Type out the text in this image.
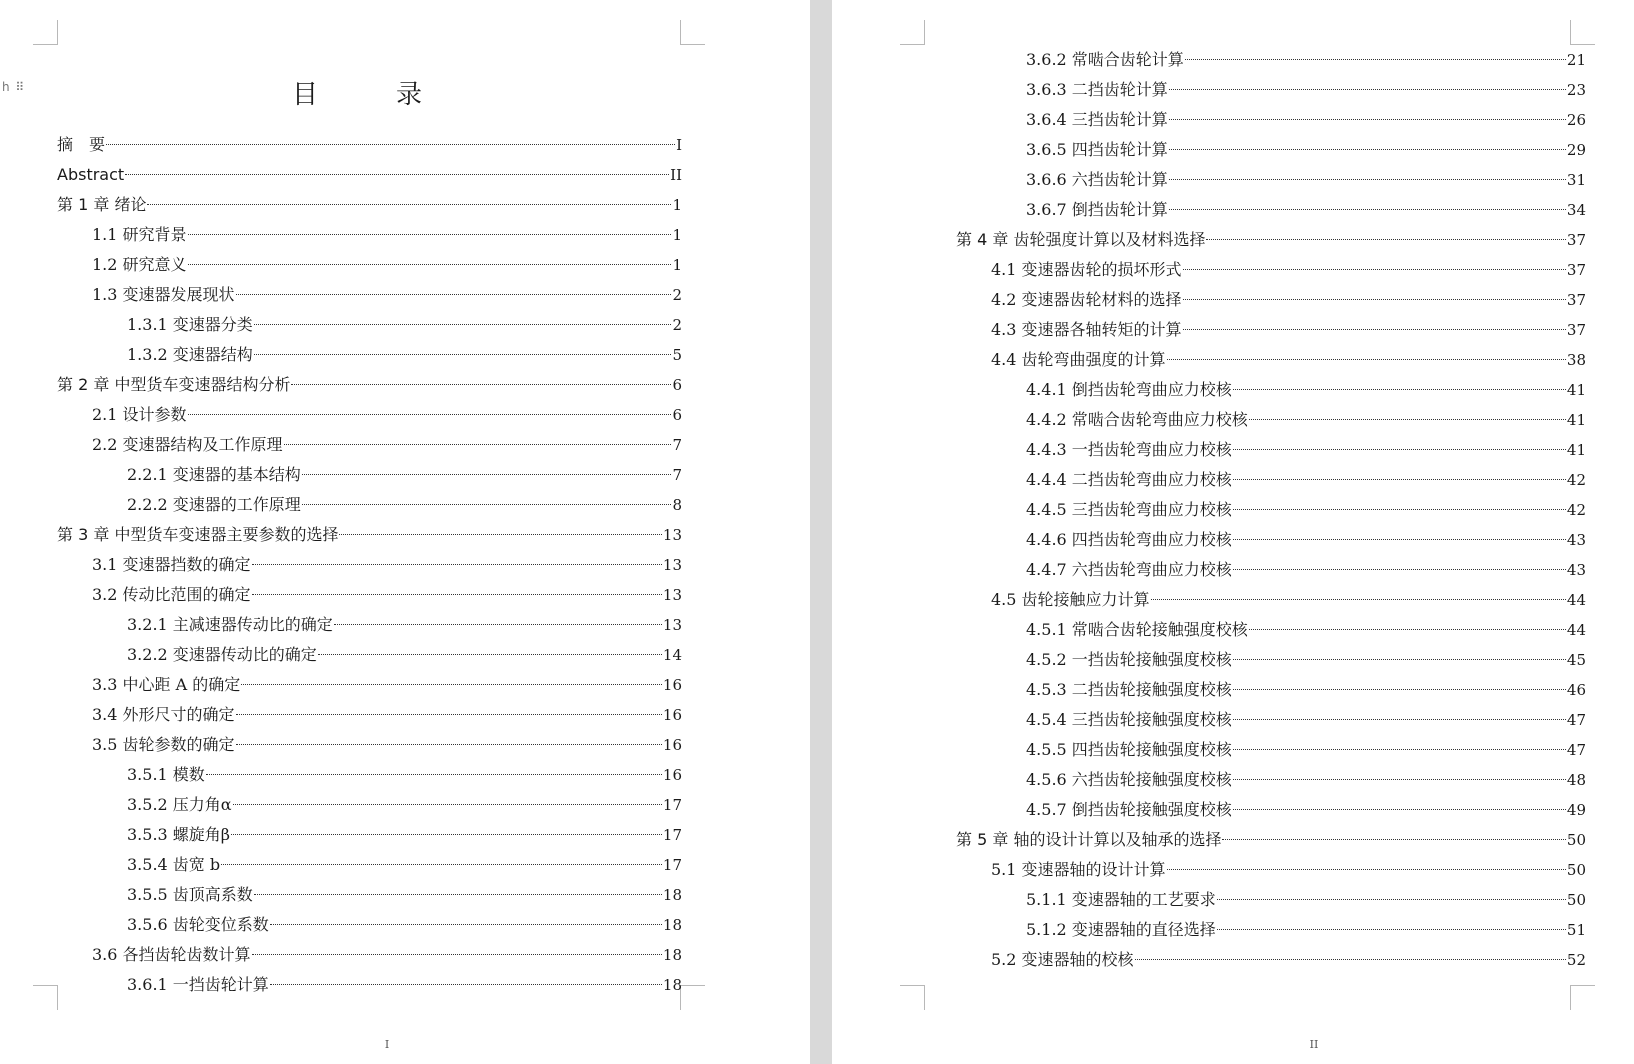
h ⠿	目　录
摘　要	I
Abstract	II
第 1 章 绪论	1
1.1 研究背景	1
1.2 研究意义	1
1.3 变速器发展现状	2
1.3.1 变速器分类	2
1.3.2 变速器结构	5
第 2 章 中型货车变速器结构分析	6
2.1 设计参数	6
2.2 变速器结构及工作原理	7
2.2.1 变速器的基本结构	7
2.2.2 变速器的工作原理	8
第 3 章 中型货车变速器主要参数的选择	13
3.1 变速器挡数的确定	13
3.2 传动比范围的确定	13
3.2.1 主减速器传动比的确定	13
3.2.2 变速器传动比的确定	14
3.3 中心距 A 的确定	16
3.4 外形尺寸的确定	16
3.5 齿轮参数的确定	16
3.5.1 模数	16
3.5.2 压力角α	17
3.5.3 螺旋角β	17
3.5.4 齿宽 b	17
3.5.5 齿顶高系数	18
3.5.6 齿轮变位系数	18
3.6 各挡齿轮齿数计算	18
3.6.1 一挡齿轮计算	18
I
3.6.2 常啮合齿轮计算	21
3.6.3 二挡齿轮计算	23
3.6.4 三挡齿轮计算	26
3.6.5 四挡齿轮计算	29
3.6.6 六挡齿轮计算	31
3.6.7 倒挡齿轮计算	34
第 4 章 齿轮强度计算以及材料选择	37
4.1 变速器齿轮的损坏形式	37
4.2 变速器齿轮材料的选择	37
4.3 变速器各轴转矩的计算	37
4.4 齿轮弯曲强度的计算	38
4.4.1 倒挡齿轮弯曲应力校核	41
4.4.2 常啮合齿轮弯曲应力校核	41
4.4.3 一挡齿轮弯曲应力校核	41
4.4.4 二挡齿轮弯曲应力校核	42
4.4.5 三挡齿轮弯曲应力校核	42
4.4.6 四挡齿轮弯曲应力校核	43
4.4.7 六挡齿轮弯曲应力校核	43
4.5 齿轮接触应力计算	44
4.5.1 常啮合齿轮接触强度校核	44
4.5.2 一挡齿轮接触强度校核	45
4.5.3 二挡齿轮接触强度校核	46
4.5.4 三挡齿轮接触强度校核	47
4.5.5 四挡齿轮接触强度校核	47
4.5.6 六挡齿轮接触强度校核	48
4.5.7 倒挡齿轮接触强度校核	49
第 5 章 轴的设计计算以及轴承的选择	50
5.1 变速器轴的设计计算	50
5.1.1 变速器轴的工艺要求	50
5.1.2 变速器轴的直径选择	51
5.2 变速器轴的校核	52
II
